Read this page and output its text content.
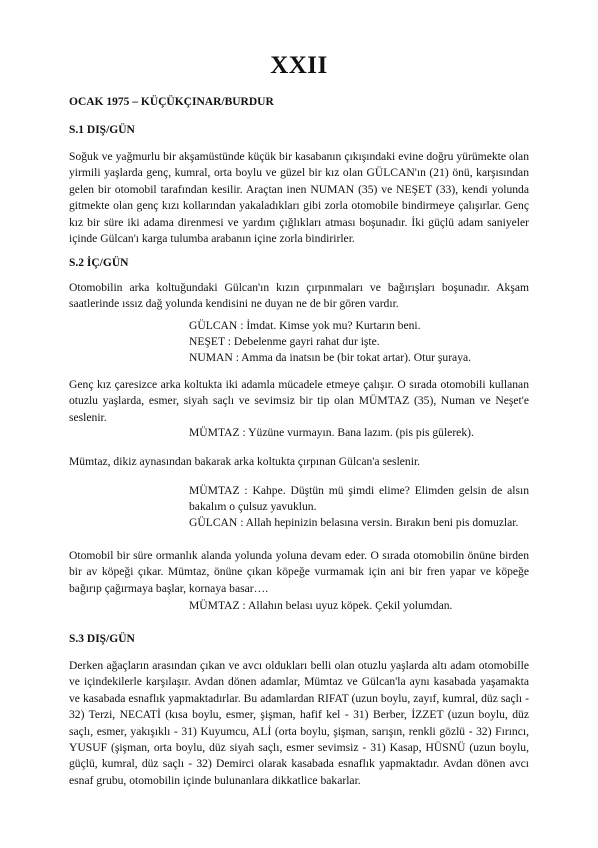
XXII
OCAK 1975 – KÜÇÜKÇINAR/BURDUR
S.1 DIŞ/GÜN
Soğuk ve yağmurlu bir akşamüstünde küçük bir kasabanın çıkışındaki evine doğru yürümekte olan yirmili yaşlarda genç, kumral, orta boylu ve güzel bir kız olan GÜLCAN'ın (21) önü, karşısından gelen bir otomobil tarafından kesilir. Araçtan inen NUMAN (35) ve NEŞET (33), kendi yolunda gitmekte olan genç kızı kollarından yakaladıkları gibi zorla otomobile bindirmeye çalışırlar. Genç kız bir süre iki adama direnmesi ve yardım çığlıkları atması boşunadır. İki güçlü adam saniyeler içinde Gülcan'ı karga tulumba arabanın içine zorla bindirirler.
S.2 İÇ/GÜN
Otomobilin arka koltuğundaki Gülcan'ın kızın çırpınmaları ve bağırışları boşunadır. Akşam saatlerinde ıssız dağ yolunda kendisini ne duyan ne de bir gören vardır.
GÜLCAN : İmdat. Kimse yok mu? Kurtarın beni.
NEŞET : Debelenme gayri rahat dur işte.
NUMAN : Amma da inatsın be (bir tokat artar). Otur şuraya.
Genç kız çaresizce arka koltukta iki adamla mücadele etmeye çalışır. O sırada otomobili kullanan otuzlu yaşlarda, esmer, siyah saçlı ve sevimsiz bir tip olan MÜMTAZ (35), Numan ve Neşet'e seslenir.
MÜMTAZ : Yüzüne vurmayın. Bana lazım. (pis pis gülerek).
Mümtaz, dikiz aynasından bakarak arka koltukta çırpınan Gülcan'a seslenir.
MÜMTAZ : Kahpe. Düştün mü şimdi elime? Elimden gelsin de alsın bakalım o çulsuz yavuklun.
GÜLCAN : Allah hepinizin belasına versin. Bırakın beni pis domuzlar.
Otomobil bir süre ormanlık alanda yolunda yoluna devam eder. O sırada otomobilin önüne birden bir av köpeği çıkar. Mümtaz, önüne çıkan köpeğe vurmamak için ani bir fren yapar ve köpeğe bağırıp çağırmaya başlar, kornaya basar….
MÜMTAZ : Allahın belası uyuz köpek. Çekil yolumdan.
S.3 DIŞ/GÜN
Derken ağaçların arasından çıkan ve avcı oldukları belli olan otuzlu yaşlarda altı adam otomobille ve içindekilerle karşılaşır. Avdan dönen adamlar, Mümtaz ve Gülcan'la aynı kasabada yaşamakta ve kasabada esnaflık yapmaktadırlar. Bu adamlardan RIFAT (uzun boylu, zayıf, kumral, düz saçlı - 32) Terzi, NECATİ (kısa boylu, esmer, şişman, hafif kel - 31) Berber, İZZET (uzun boylu, düz saçlı, esmer, yakışıklı - 31) Kuyumcu, ALİ (orta boylu, şişman, sarışın, renkli gözlü - 32) Fırıncı, YUSUF (şişman, orta boylu, düz siyah saçlı, esmer sevimsiz - 31) Kasap, HÜSNÜ (uzun boylu, güçlü, kumral, düz saçlı - 32) Demirci olarak kasabada esnaflık yapmaktadır. Avdan dönen avcı esnaf grubu, otomobilin içinde bulunanlara dikkatlice bakarlar.
